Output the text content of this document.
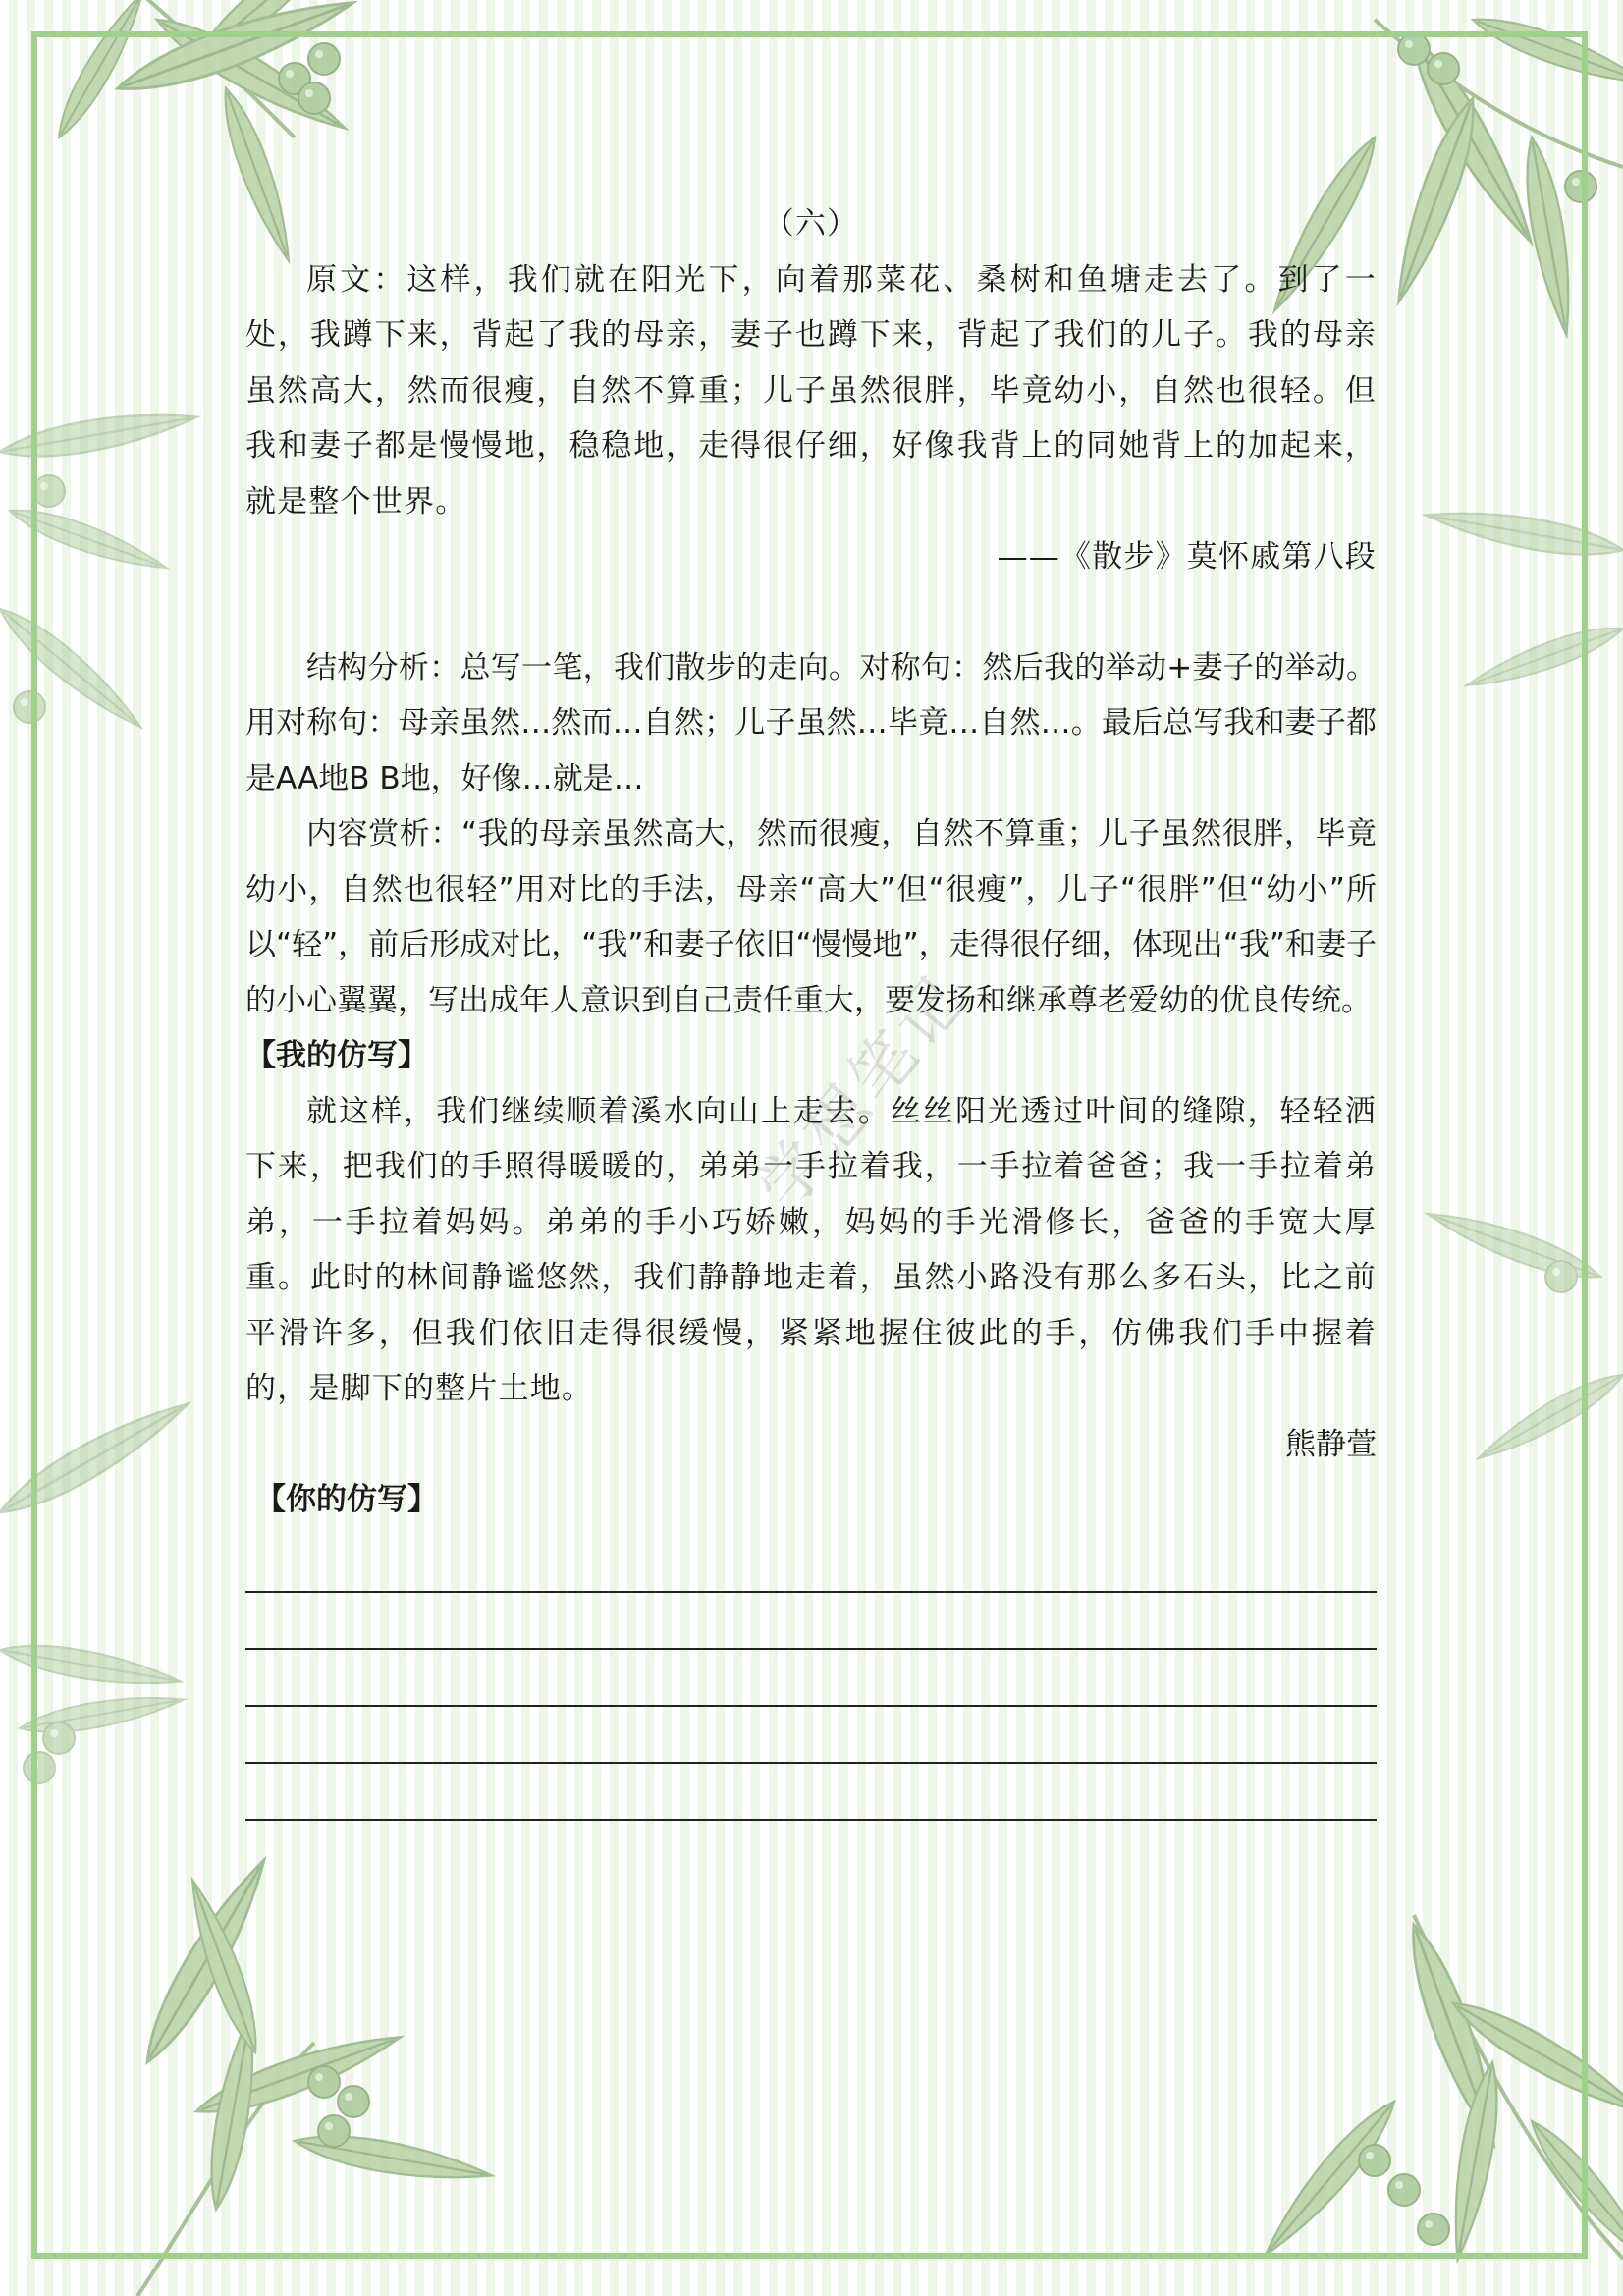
学想笔记
（六）

原文：这样，我们就在阳光下，向着那菜花、桑树和鱼塘走去了。到了一处，我蹲下来，背起了我的母亲，妻子也蹲下来，背起了我们的儿子。我的母亲虽然高大，然而很瘦，自然不算重；儿子虽然很胖，毕竟幼小，自然也很轻。但我和妻子都是慢慢地，稳稳地，走得很仔细，好像我背上的同她背上的加起来，就是整个世界。

——《散步》莫怀戚第八段

结构分析：总写一笔，我们散步的走向。对称句：然后我的举动+妻子的举动。用对称句：母亲虽然…然而…自然；儿子虽然…毕竟…自然…。最后总写我和妻子都是AA地B B地，好像…就是…

内容赏析：“我的母亲虽然高大，然而很瘦，自然不算重；儿子虽然很胖，毕竟幼小，自然也很轻”用对比的手法，母亲“高大”但“很瘦”，儿子“很胖”但“幼小”所以“轻”，前后形成对比，“我”和妻子依旧“慢慢地”，走得很仔细，体现出“我”和妻子的小心翼翼，写出成年人意识到自己责任重大，要发扬和继承尊老爱幼的优良传统。

【我的仿写】

就这样，我们继续顺着溪水向山上走去。丝丝阳光透过叶间的缝隙，轻轻洒下来，把我们的手照得暖暖的，弟弟一手拉着我，一手拉着爸爸；我一手拉着弟弟，一手拉着妈妈。弟弟的手小巧娇嫩，妈妈的手光滑修长，爸爸的手宽大厚重。此时的林间静谧悠然，我们静静地走着，虽然小路没有那么多石头，比之前平滑许多，但我们依旧走得很缓慢，紧紧地握住彼此的手，仿佛我们手中握着的，是脚下的整片土地。

熊静萱
【你的仿写】
